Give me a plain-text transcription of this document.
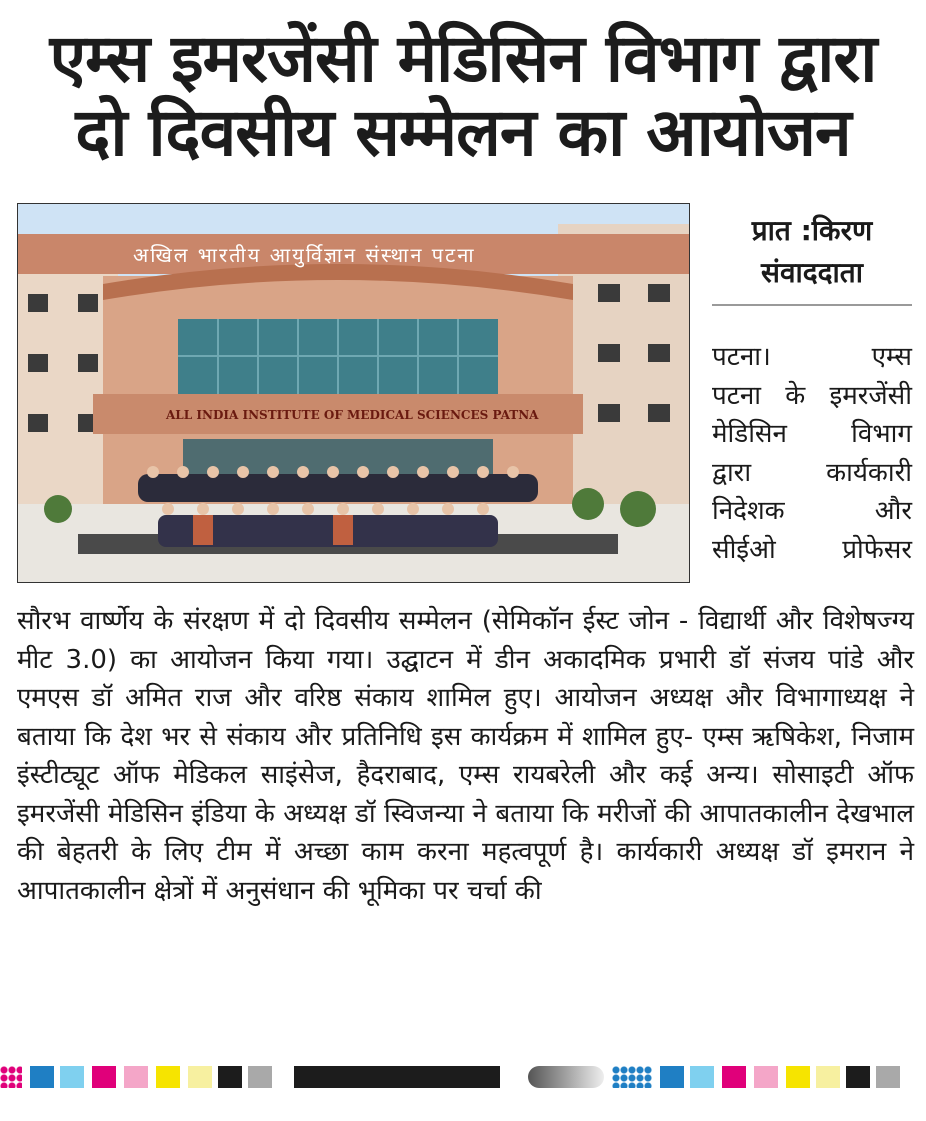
एम्स इमरजेंसी मेडिसिन विभाग द्वारा
दो दिवसीय सम्मेलन का आयोजन
अखिल भारतीय आयुर्विज्ञान संस्थान पटना
ALL INDIA INSTITUTE OF MEDICAL SCIENCES PATNA
प्रात :किरण
संवाददाता

पटना। एम्स

पटना के इमरजेंसी

मेडिसिन विभाग

द्वारा कार्यकारी

निदेशक और

सीईओ प्रोफेसर

सौरभ वार्ष्णेय के संरक्षण में दो दिवसीय सम्मेलन (सेमिकॉन ईस्ट जोन - विद्यार्थी और विशेषज्ग्य मीट 3.0) का आयोजन किया गया। उद्घाटन में डीन अकादमिक प्रभारी डॉ संजय पांडे और एमएस डॉ अमित राज और वरिष्ठ संकाय शामिल हुए। आयोजन अध्यक्ष और विभागाध्यक्ष ने बताया कि देश भर से संकाय और प्रतिनिधि इस कार्यक्रम में शामिल हुए- एम्स ऋषिकेश, निजाम इंस्टीट्यूट ऑफ मेडिकल साइंसेज, हैदराबाद, एम्स रायबरेली और कई अन्य। सोसाइटी ऑफ इमरजेंसी मेडिसिन इंडिया के अध्यक्ष डॉ स्विजन्या ने बताया कि मरीजों की आपातकालीन देखभाल की बेहतरी के लिए टीम में अच्छा काम करना महत्वपूर्ण है। कार्यकारी अध्यक्ष डॉ इमरान ने आपातकालीन क्षेत्रों में अनुसंधान की भूमिका पर चर्चा की
